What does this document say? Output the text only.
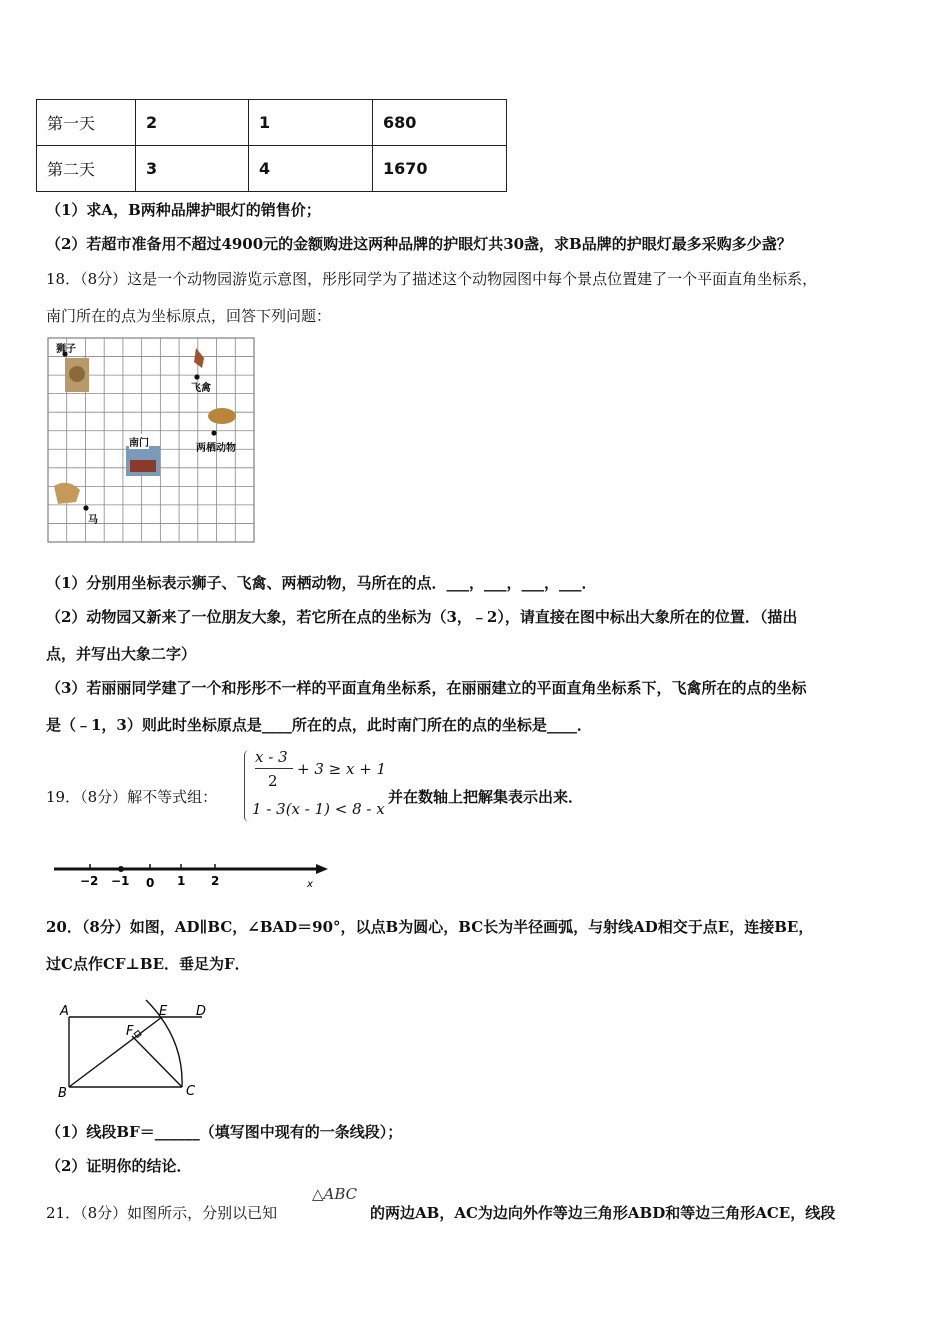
第一天	2	1	680
第二天	3	4	1670
（1）求A，B两种品牌护眼灯的销售价；
（2）若超市准备用不超过4900元的金额购进这两种品牌的护眼灯共30盏，求B品牌的护眼灯最多采购多少盏？
18．（8分）这是一个动物园游览示意图，彤彤同学为了描述这个动物园图中每个景点位置建了一个平面直角坐标系，
南门所在的点为坐标原点，回答下列问题：
狮子
飞禽
南门	两栖动物
马
（1）分别用坐标表示狮子、飞禽、两栖动物，马所在的点．___，___，___，___．
（2）动物园又新来了一位朋友大象，若它所在点的坐标为（3，﹣2），请直接在图中标出大象所在的位置．（描出
点，并写出大象二字）
（3）若丽丽同学建了一个和彤彤不一样的平面直角坐标系，在丽丽建立的平面直角坐标系下，飞禽所在的点的坐标
是（﹣1，3）则此时坐标原点是____所在的点，此时南门所在的点的坐标是____．
19．（8分）解不等式组：
x - 3
2
+ 3 ≥ x + 1
1 - 3(x - 1) < 8 - x
并在数轴上把解集表示出来．
−2 −1 0 1 2	x
20．（8分）如图，AD∥BC，∠BAD＝90°，以点B为圆心，BC长为半径画弧，与射线AD相交于点E，连接BE，
过C点作CF⊥BE．垂足为F．
A	E D
F
B	C
（1）线段BF＝______（填写图中现有的一条线段）；
（2）证明你的结论．
21．（8分）如图所示，分别以已知
△ABC
的两边AB，AC为边向外作等边三角形ABD和等边三角形ACE，线段
